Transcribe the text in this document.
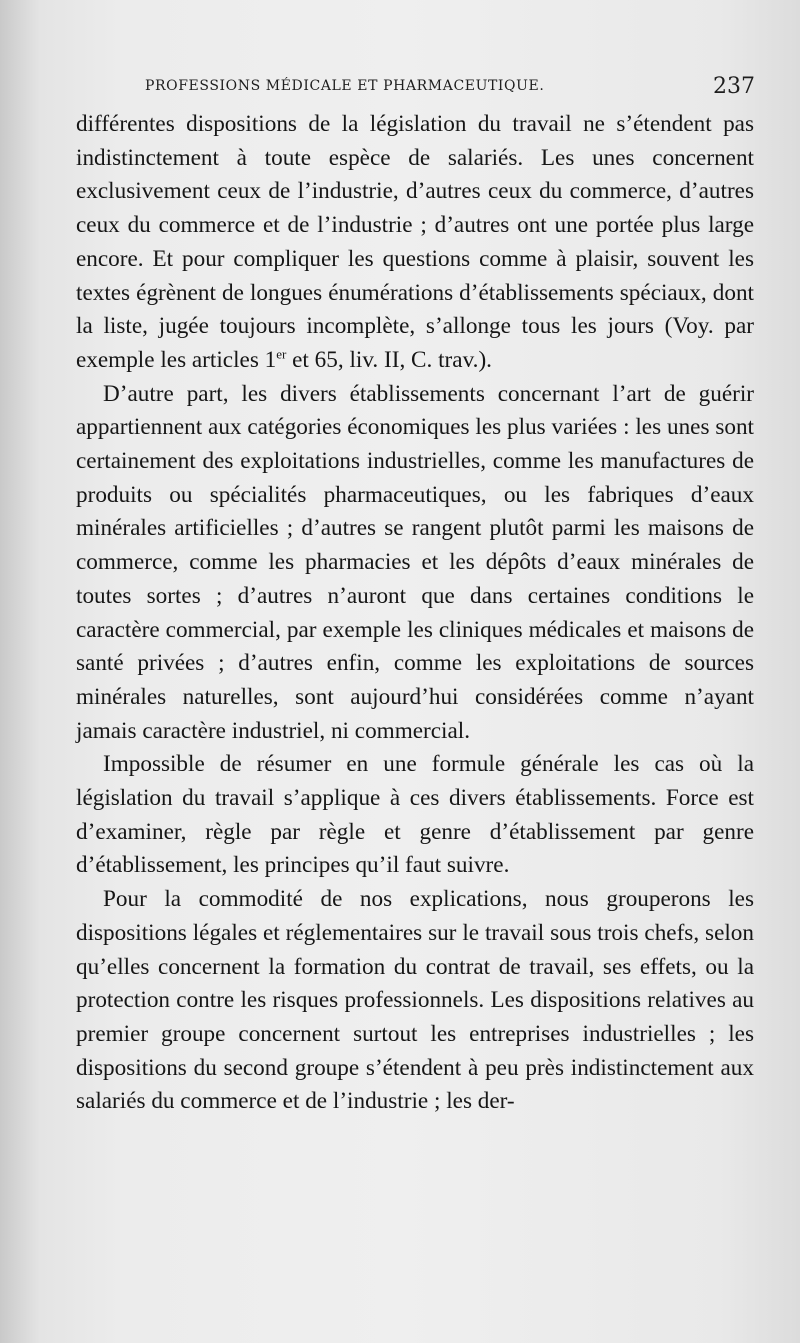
PROFESSIONS MÉDICALE ET PHARMACEUTIQUE.	237

différentes dispositions de la législation du travail ne s’étendent pas indistinctement à toute espèce de salariés. Les unes concernent exclusivement ceux de l’industrie, d’autres ceux du commerce, d’autres ceux du commerce et de l’industrie ; d’autres ont une portée plus large encore. Et pour compliquer les questions comme à plaisir, souvent les textes égrènent de longues énumérations d’établissements spéciaux, dont la liste, jugée toujours incomplète, s’allonge tous les jours (Voy. par exemple les articles 1er et 65, liv. II, C. trav.).

D’autre part, les divers établissements concernant l’art de guérir appartiennent aux catégories économiques les plus variées : les unes sont certainement des exploitations industrielles, comme les manufactures de produits ou spécialités pharmaceutiques, ou les fabriques d’eaux minérales artificielles ; d’autres se rangent plutôt parmi les maisons de commerce, comme les pharmacies et les dépôts d’eaux minérales de toutes sortes ; d’autres n’auront que dans certaines conditions le caractère commercial, par exemple les cliniques médicales et maisons de santé privées ; d’autres enfin, comme les exploitations de sources minérales naturelles, sont aujourd’hui considérées comme n’ayant jamais caractère industriel, ni commercial.

Impossible de résumer en une formule générale les cas où la législation du travail s’applique à ces divers établissements. Force est d’examiner, règle par règle et genre d’établissement par genre d’établissement, les principes qu’il faut suivre.

Pour la commodité de nos explications, nous grouperons les dispositions légales et réglementaires sur le travail sous trois chefs, selon qu’elles concernent la formation du contrat de travail, ses effets, ou la protection contre les risques professionnels. Les dispositions relatives au premier groupe concernent surtout les entreprises industrielles ; les dispositions du second groupe s’étendent à peu près indistinctement aux salariés du commerce et de l’industrie ; les der-
